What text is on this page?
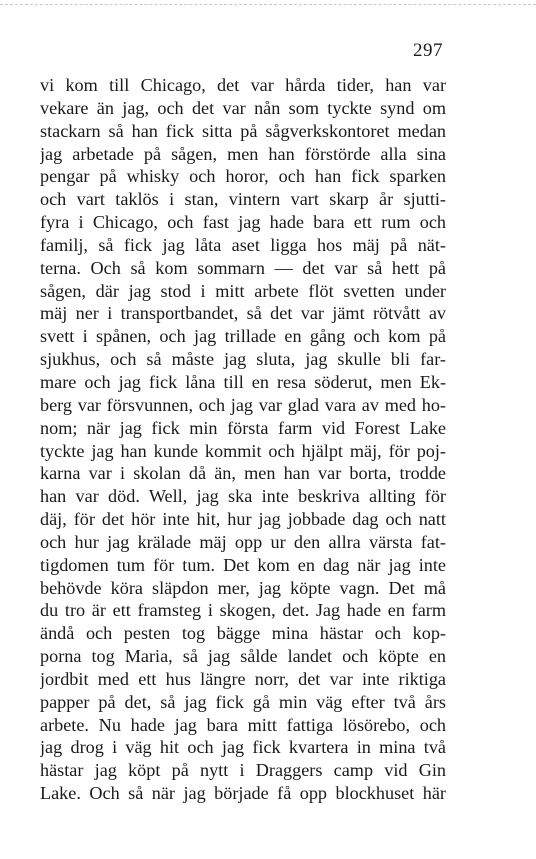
297
vi kom till Chicago, det var hårda tider, han var
vekare än jag, och det var nån som tyckte synd om
stackarn så han fick sitta på sågverkskontoret medan
jag arbetade på sågen, men han förstörde alla sina
pengar på whisky och horor, och han fick sparken
och vart taklös i stan, vintern vart skarp år sjutti-
fyra i Chicago, och fast jag hade bara ett rum och
familj, så fick jag låta aset ligga hos mäj på nät-
terna. Och så kom sommarn — det var så hett på
sågen, där jag stod i mitt arbete flöt svetten under
mäj ner i transportbandet, så det var jämt rötvått av
svett i spånen, och jag trillade en gång och kom på
sjukhus, och så måste jag sluta, jag skulle bli far-
mare och jag fick låna till en resa söderut, men Ek-
berg var försvunnen, och jag var glad vara av med ho-
nom; när jag fick min första farm vid Forest Lake
tyckte jag han kunde kommit och hjälpt mäj, för poj-
karna var i skolan då än, men han var borta, trodde
han var död. Well, jag ska inte beskriva allting för
däj, för det hör inte hit, hur jag jobbade dag och natt
och hur jag krälade mäj opp ur den allra värsta fat-
tigdomen tum för tum. Det kom en dag när jag inte
behövde köra släpdon mer, jag köpte vagn. Det må
du tro är ett framsteg i skogen, det. Jag hade en farm
ändå och pesten tog bägge mina hästar och kop-
porna tog Maria, så jag sålde landet och köpte en
jordbit med ett hus längre norr, det var inte riktiga
papper på det, så jag fick gå min väg efter två års
arbete. Nu hade jag bara mitt fattiga lösörebo, och
jag drog i väg hit och jag fick kvartera in mina två
hästar jag köpt på nytt i Draggers camp vid Gin
Lake. Och så när jag började få opp blockhuset här
